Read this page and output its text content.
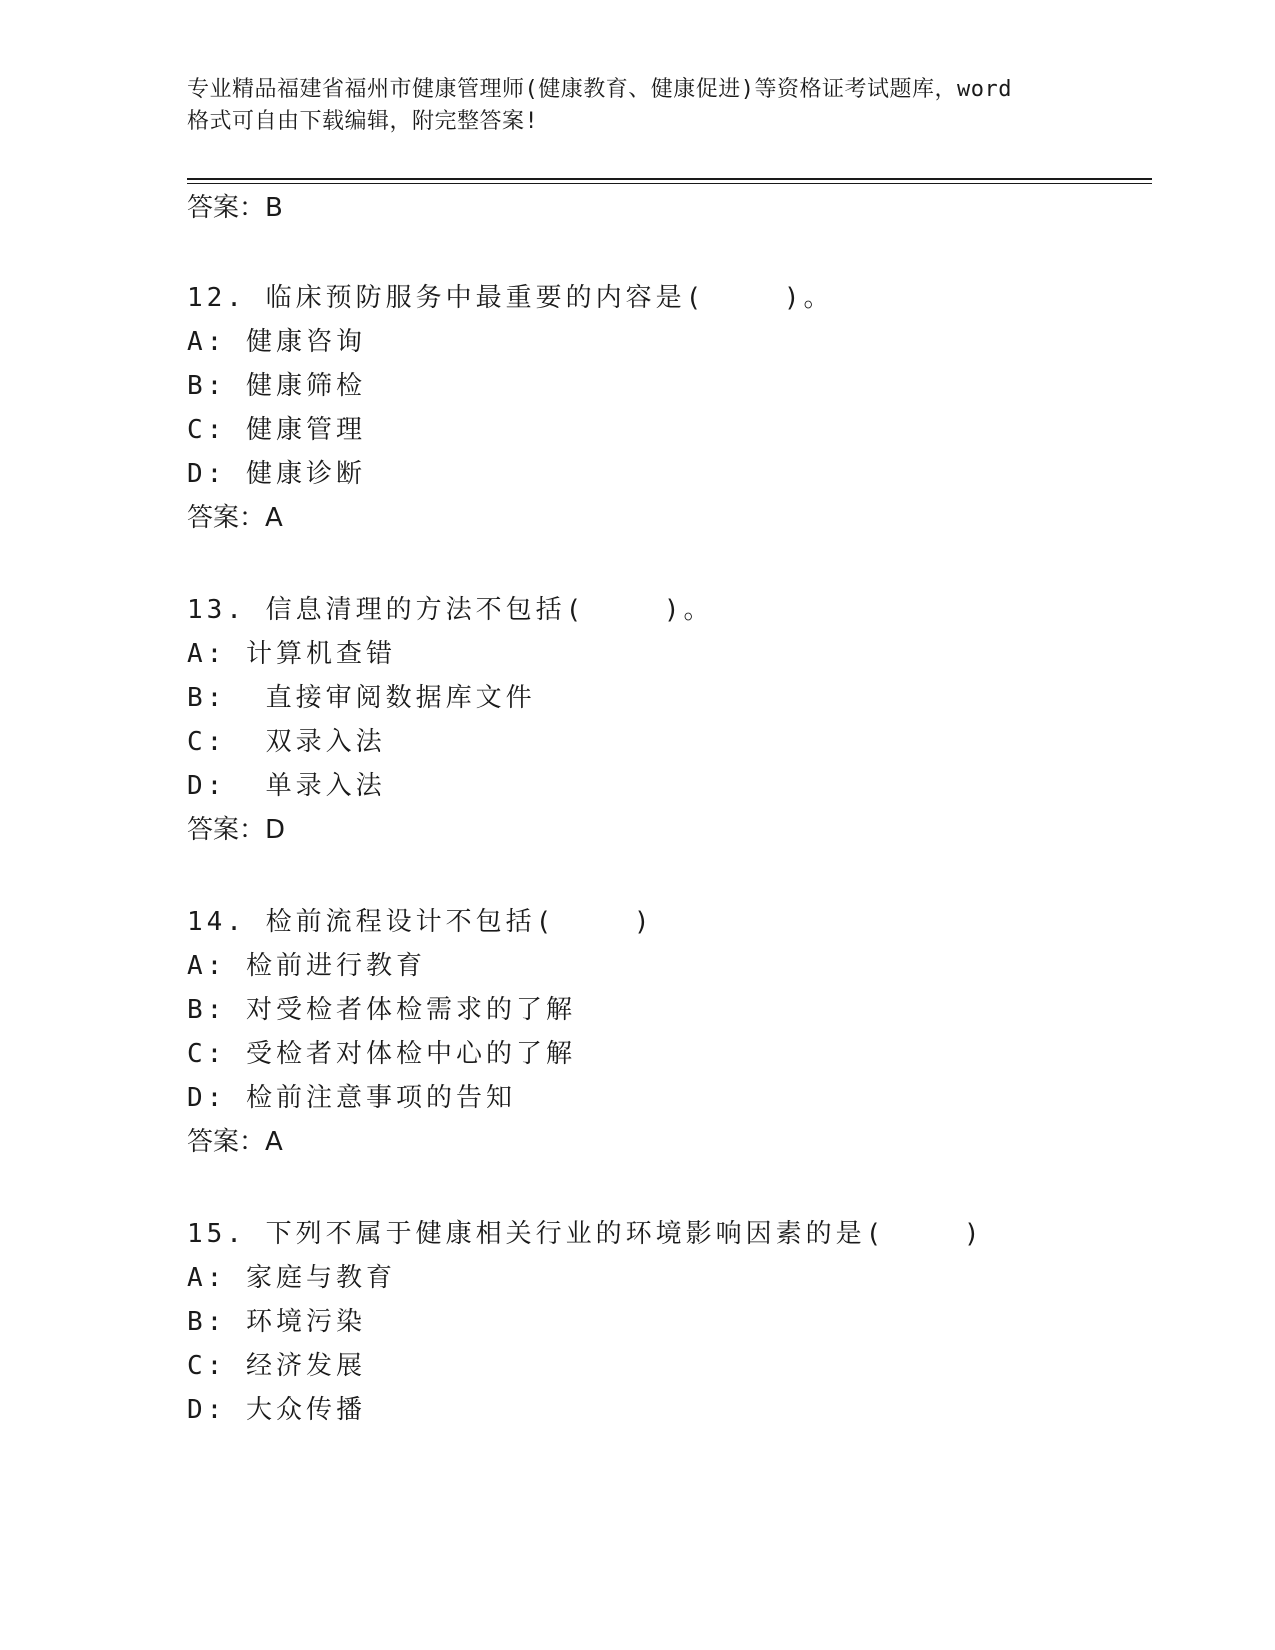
专业精品福建省福州市健康管理师(健康教育、健康促进)等资格证考试题库，word
格式可自由下载编辑，附完整答案!
答案：B
12. 临床预防服务中最重要的内容是(    )。
A: 健康咨询
B: 健康筛检
C: 健康管理
D: 健康诊断
答案：A
13. 信息清理的方法不包括(    )。
A: 计算机查错
B:  直接审阅数据库文件
C:  双录入法
D:  单录入法
答案：D
14. 检前流程设计不包括(    )
A: 检前进行教育
B: 对受检者体检需求的了解
C: 受检者对体检中心的了解
D: 检前注意事项的告知
答案：A
15. 下列不属于健康相关行业的环境影响因素的是(    )
A: 家庭与教育
B: 环境污染
C: 经济发展
D: 大众传播
